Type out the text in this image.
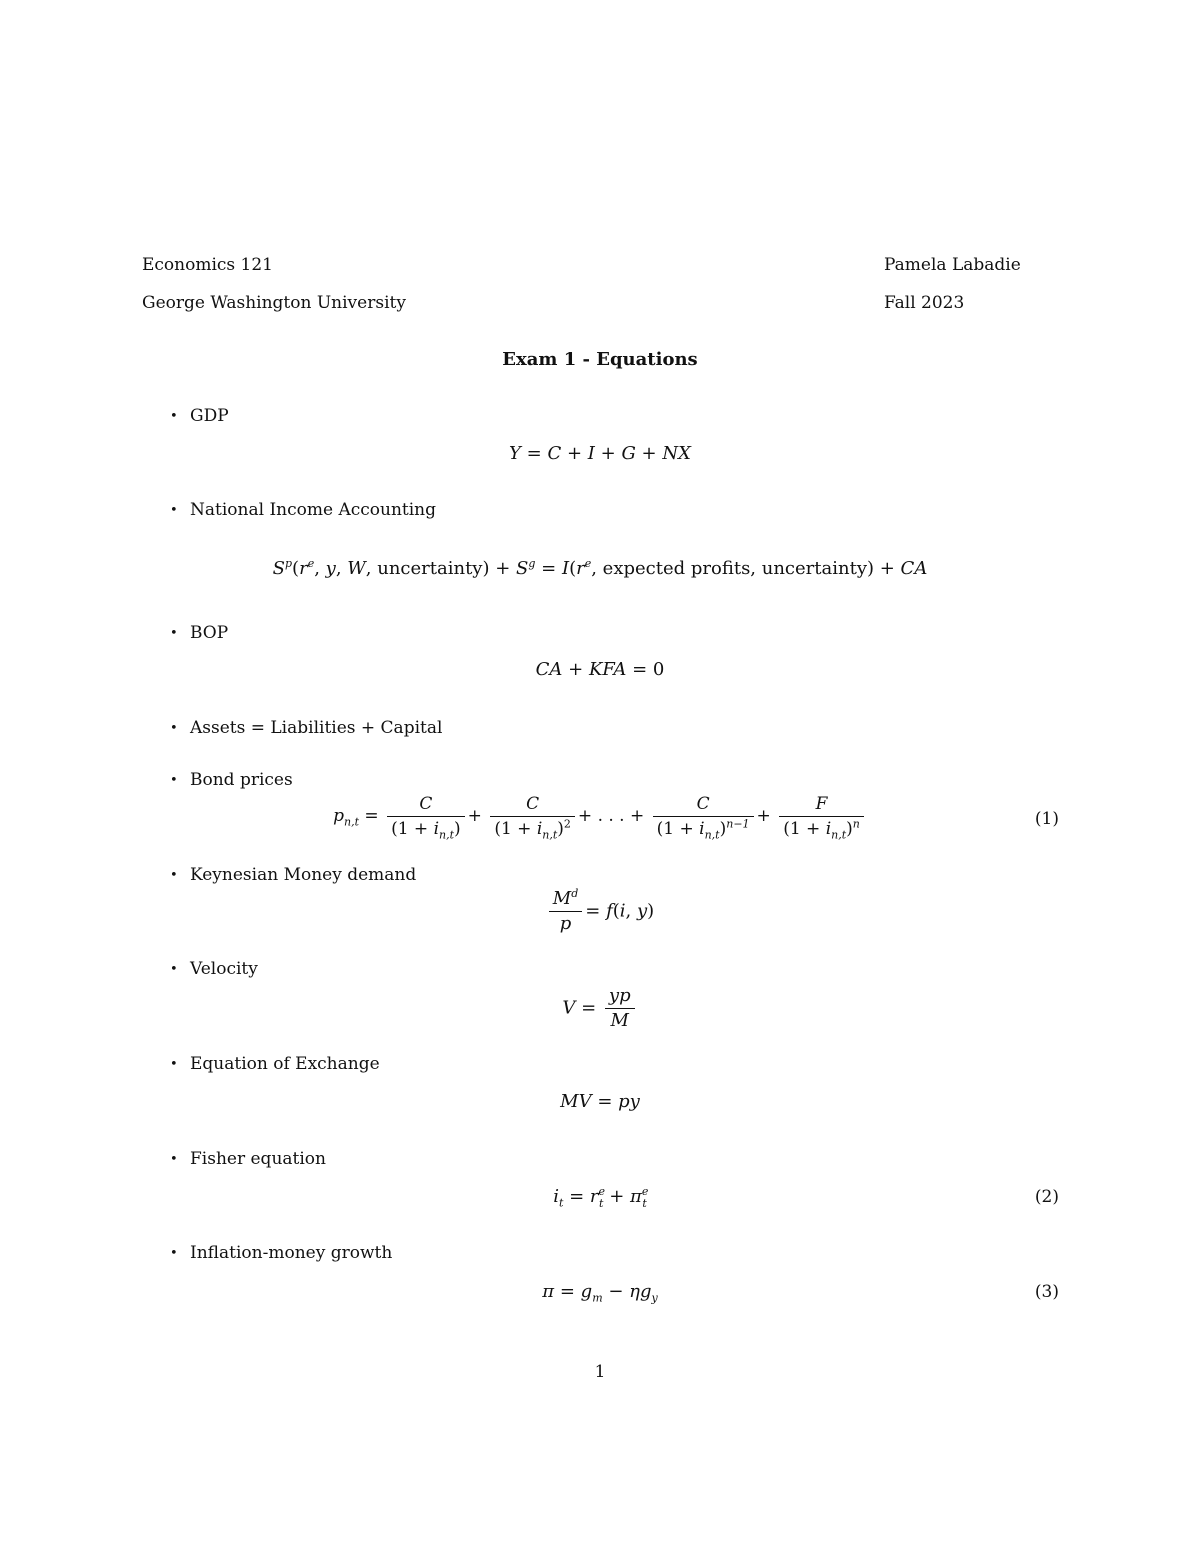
Economics 121	Pamela Labadie
George Washington University	Fall 2023
Exam 1 - Equations
• GDP
Y = C + I + G + NX
• National Income Accounting
$S^p(r^e$, y, W, uncertainty) + $S^g = I(r^e$, expected profits, uncertainty) + CA
• BOP
CA + KFA = 0
• Assets = Liabilities + Capital
• Bond prices
$p_{n,t} = \frac{C}{(1 + i_{n,t})} + \frac{C}{(1 + i_{n,t})^2}$ + . . . + $\frac{C}{(1 + i_{n,t})^{n-1}} + \frac{F}{(1 + i_{n,t})^n}$	(1)
• Keynesian Money demand
$\frac{M^d}{p} = f(i$, y)
• Velocity
$V = \frac{yp}{M}$
• Equation of Exchange
MV = py
• Fisher equation
$i_t = r^e_t + \pi^e_t$	(2)
• Inflation-money growth
$\pi = g_m - \eta g_y$	(3)
1
